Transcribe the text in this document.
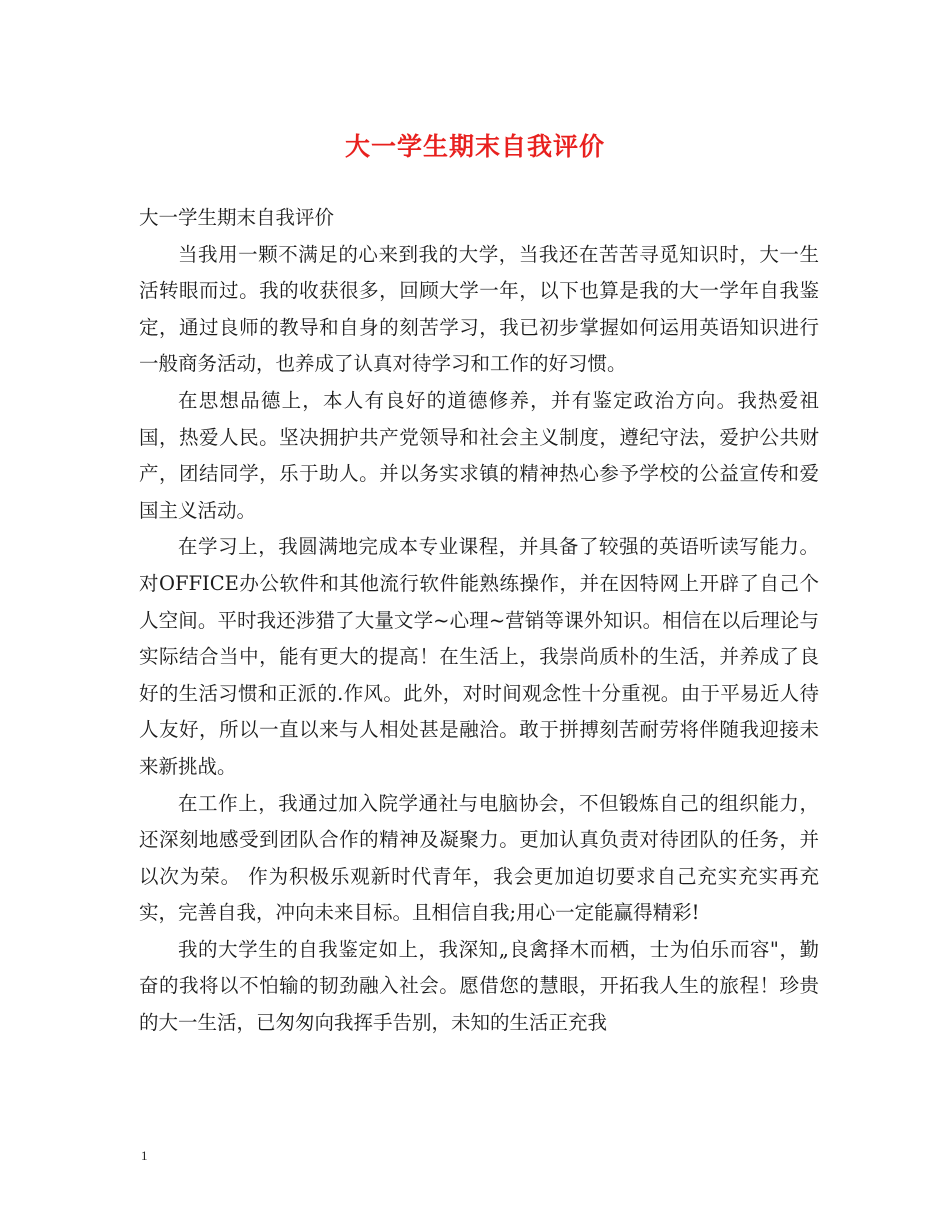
大一学生期末自我评价

大一学生期末自我评价

当我用一颗不满足的心来到我的大学，当我还在苦苦寻觅知识时，大一生活转眼而过。我的收获很多，回顾大学一年，以下也算是我的大一学年自我鉴定，通过良师的教导和自身的刻苦学习，我已初步掌握如何运用英语知识进行一般商务活动，也养成了认真对待学习和工作的好习惯。

在思想品德上，本人有良好的道德修养，并有鉴定政治方向。我热爱祖国，热爱人民。坚决拥护共产党领导和社会主义制度，遵纪守法，爱护公共财产，团结同学，乐于助人。并以务实求镇的精神热心参予学校的公益宣传和爱国主义活动。

在学习上，我圆满地完成本专业课程，并具备了较强的英语听读写能力。对OFFICE办公软件和其他流行软件能熟练操作，并在因特网上开辟了自己个人空间。平时我还涉猎了大量文学~心理~营销等课外知识。相信在以后理论与实际结合当中，能有更大的提高！在生活上，我崇尚质朴的生活，并养成了良好的生活习惯和正派的.作风。此外，对时间观念性十分重视。由于平易近人待人友好，所以一直以来与人相处甚是融洽。敢于拼搏刻苦耐劳将伴随我迎接未来新挑战。

在工作上，我通过加入院学通社与电脑协会，不但锻炼自己的组织能力，还深刻地感受到团队合作的精神及凝聚力。更加认真负责对待团队的任务，并以次为荣。 作为积极乐观新时代青年，我会更加迫切要求自己充实充实再充实，完善自我，冲向未来目标。且相信自我;用心一定能赢得精彩!

我的大学生的自我鉴定如上，我深知„良禽择木而栖，士为伯乐而容"，勤奋的我将以不怕输的韧劲融入社会。愿借您的慧眼，开拓我人生的旅程！珍贵的大一生活，已匆匆向我挥手告别，未知的生活正充我

1
